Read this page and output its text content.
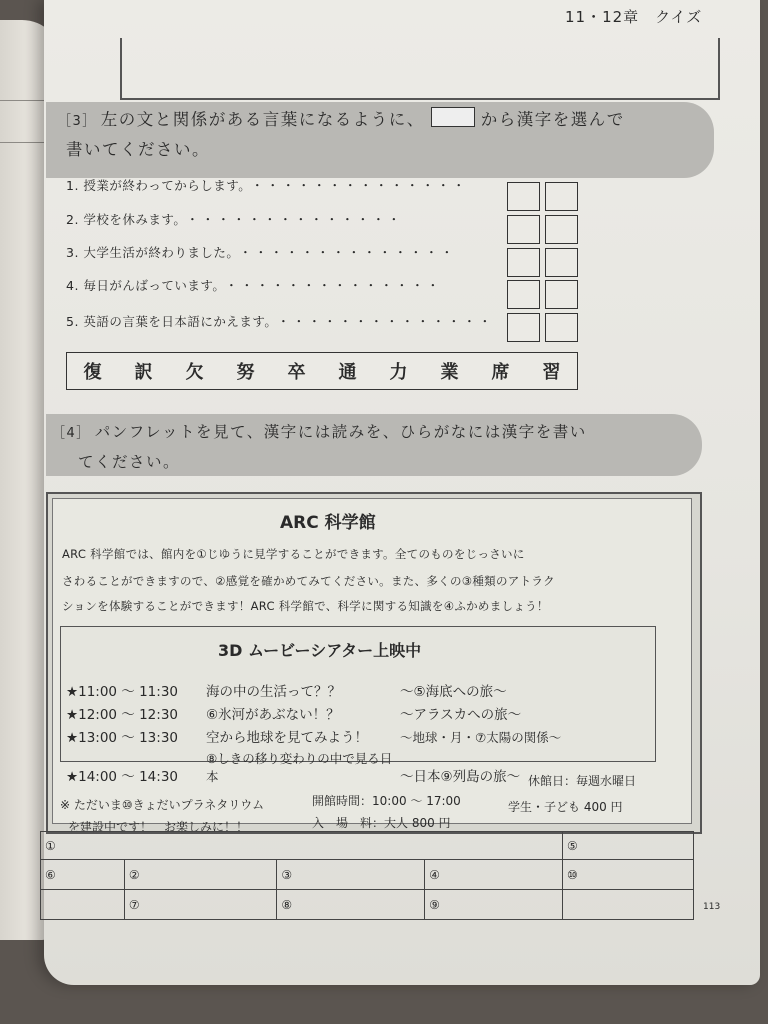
11・12章　クイズ
［3］ 左の文と関係がある言葉になるように、	から漢字を選んで
書いてください。
1. 授業が終わってからします。 ・・・・・・・・・・・・・・
2. 学校を休みます。 ・・・・・・・・・・・・・・
3. 大学生活が終わりました。 ・・・・・・・・・・・・・・
4. 毎日がんばっています。 ・・・・・・・・・・・・・・
5. 英語の言葉を日本語にかえます。 ・・・・・・・・・・・・・・
復 訳 欠 努 卒 通 力 業 席 習
［4］ パンフレットを見て、漢字には読みを、ひらがなには漢字を書い
てください。
ARC 科学館
ARC 科学館では、館内を①じゆうに見学することができます。全てのものをじっさいに
さわることができますので、②感覚を確かめてみてください。また、多くの③種類のアトラク
ションを体験することができます！ARC 科学館で、科学に関する知識を④ふかめましょう！
3D ムービーシアター上映中
★11:00 ～ 11:30 海の中の生活って？？	～⑤海底への旅～
★12:00 ～ 12:30 ⑥氷河があぶない！？	～アラスカへの旅～
★13:00 ～ 13:30 空から地球を見てみよう！	～地球・月・⑦太陽の関係～
★14:00 ～ 14:30⑧しきの移り変わりの中で見る日本	～日本⑨列島の旅～
※ ただいま⑩きょだいプラネタリウム
を建設中です！　お楽しみに！！
開館時間：10:00 ～ 17:00
休館日：毎週水曜日
入　場　料：大人 800 円
学生・子ども 400 円
①				⑤
⑥	②	③	④	⑩
	⑦	⑧	⑨		113
